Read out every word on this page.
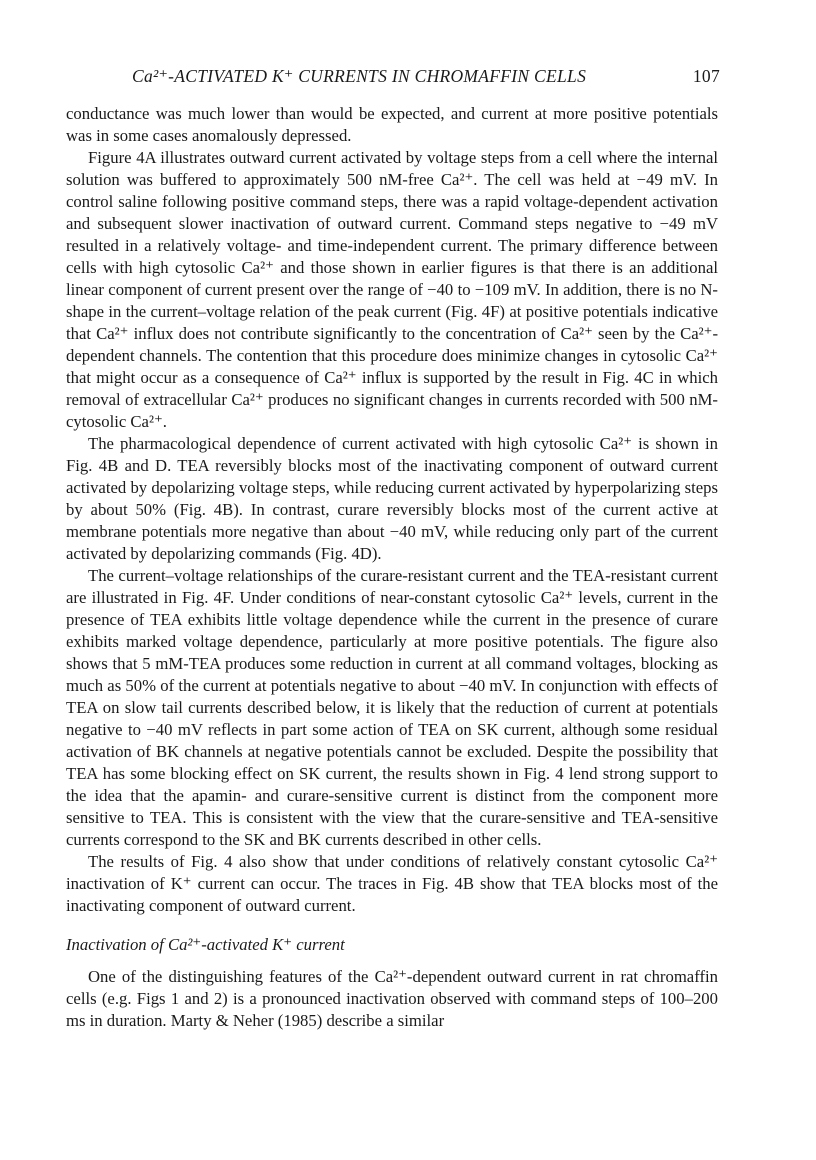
Ca²⁺-ACTIVATED K⁺ CURRENTS IN CHROMAFFIN CELLS	107

conductance was much lower than would be expected, and current at more positive potentials was in some cases anomalously depressed.

Figure 4A illustrates outward current activated by voltage steps from a cell where the internal solution was buffered to approximately 500 nM-free Ca²⁺. The cell was held at −49 mV. In control saline following positive command steps, there was a rapid voltage-dependent activation and subsequent slower inactivation of outward current. Command steps negative to −49 mV resulted in a relatively voltage- and time-independent current. The primary difference between cells with high cytosolic Ca²⁺ and those shown in earlier figures is that there is an additional linear component of current present over the range of −40 to −109 mV. In addition, there is no N-shape in the current–voltage relation of the peak current (Fig. 4F) at positive potentials indicative that Ca²⁺ influx does not contribute significantly to the concentration of Ca²⁺ seen by the Ca²⁺-dependent channels. The contention that this procedure does minimize changes in cytosolic Ca²⁺ that might occur as a consequence of Ca²⁺ influx is supported by the result in Fig. 4C in which removal of extracellular Ca²⁺ produces no significant changes in currents recorded with 500 nM-cytosolic Ca²⁺.

The pharmacological dependence of current activated with high cytosolic Ca²⁺ is shown in Fig. 4B and D. TEA reversibly blocks most of the inactivating component of outward current activated by depolarizing voltage steps, while reducing current activated by hyperpolarizing steps by about 50% (Fig. 4B). In contrast, curare reversibly blocks most of the current active at membrane potentials more negative than about −40 mV, while reducing only part of the current activated by depolarizing commands (Fig. 4D).

The current–voltage relationships of the curare-resistant current and the TEA-resistant current are illustrated in Fig. 4F. Under conditions of near-constant cytosolic Ca²⁺ levels, current in the presence of TEA exhibits little voltage dependence while the current in the presence of curare exhibits marked voltage dependence, particularly at more positive potentials. The figure also shows that 5 mM-TEA produces some reduction in current at all command voltages, blocking as much as 50% of the current at potentials negative to about −40 mV. In conjunction with effects of TEA on slow tail currents described below, it is likely that the reduction of current at potentials negative to −40 mV reflects in part some action of TEA on SK current, although some residual activation of BK channels at negative potentials cannot be excluded. Despite the possibility that TEA has some blocking effect on SK current, the results shown in Fig. 4 lend strong support to the idea that the apamin- and curare-sensitive current is distinct from the component more sensitive to TEA. This is consistent with the view that the curare-sensitive and TEA-sensitive currents correspond to the SK and BK currents described in other cells.

The results of Fig. 4 also show that under conditions of relatively constant cytosolic Ca²⁺ inactivation of K⁺ current can occur. The traces in Fig. 4B show that TEA blocks most of the inactivating component of outward current.

Inactivation of Ca²⁺-activated K⁺ current

One of the distinguishing features of the Ca²⁺-dependent outward current in rat chromaffin cells (e.g. Figs 1 and 2) is a pronounced inactivation observed with command steps of 100–200 ms in duration. Marty & Neher (1985) describe a similar
